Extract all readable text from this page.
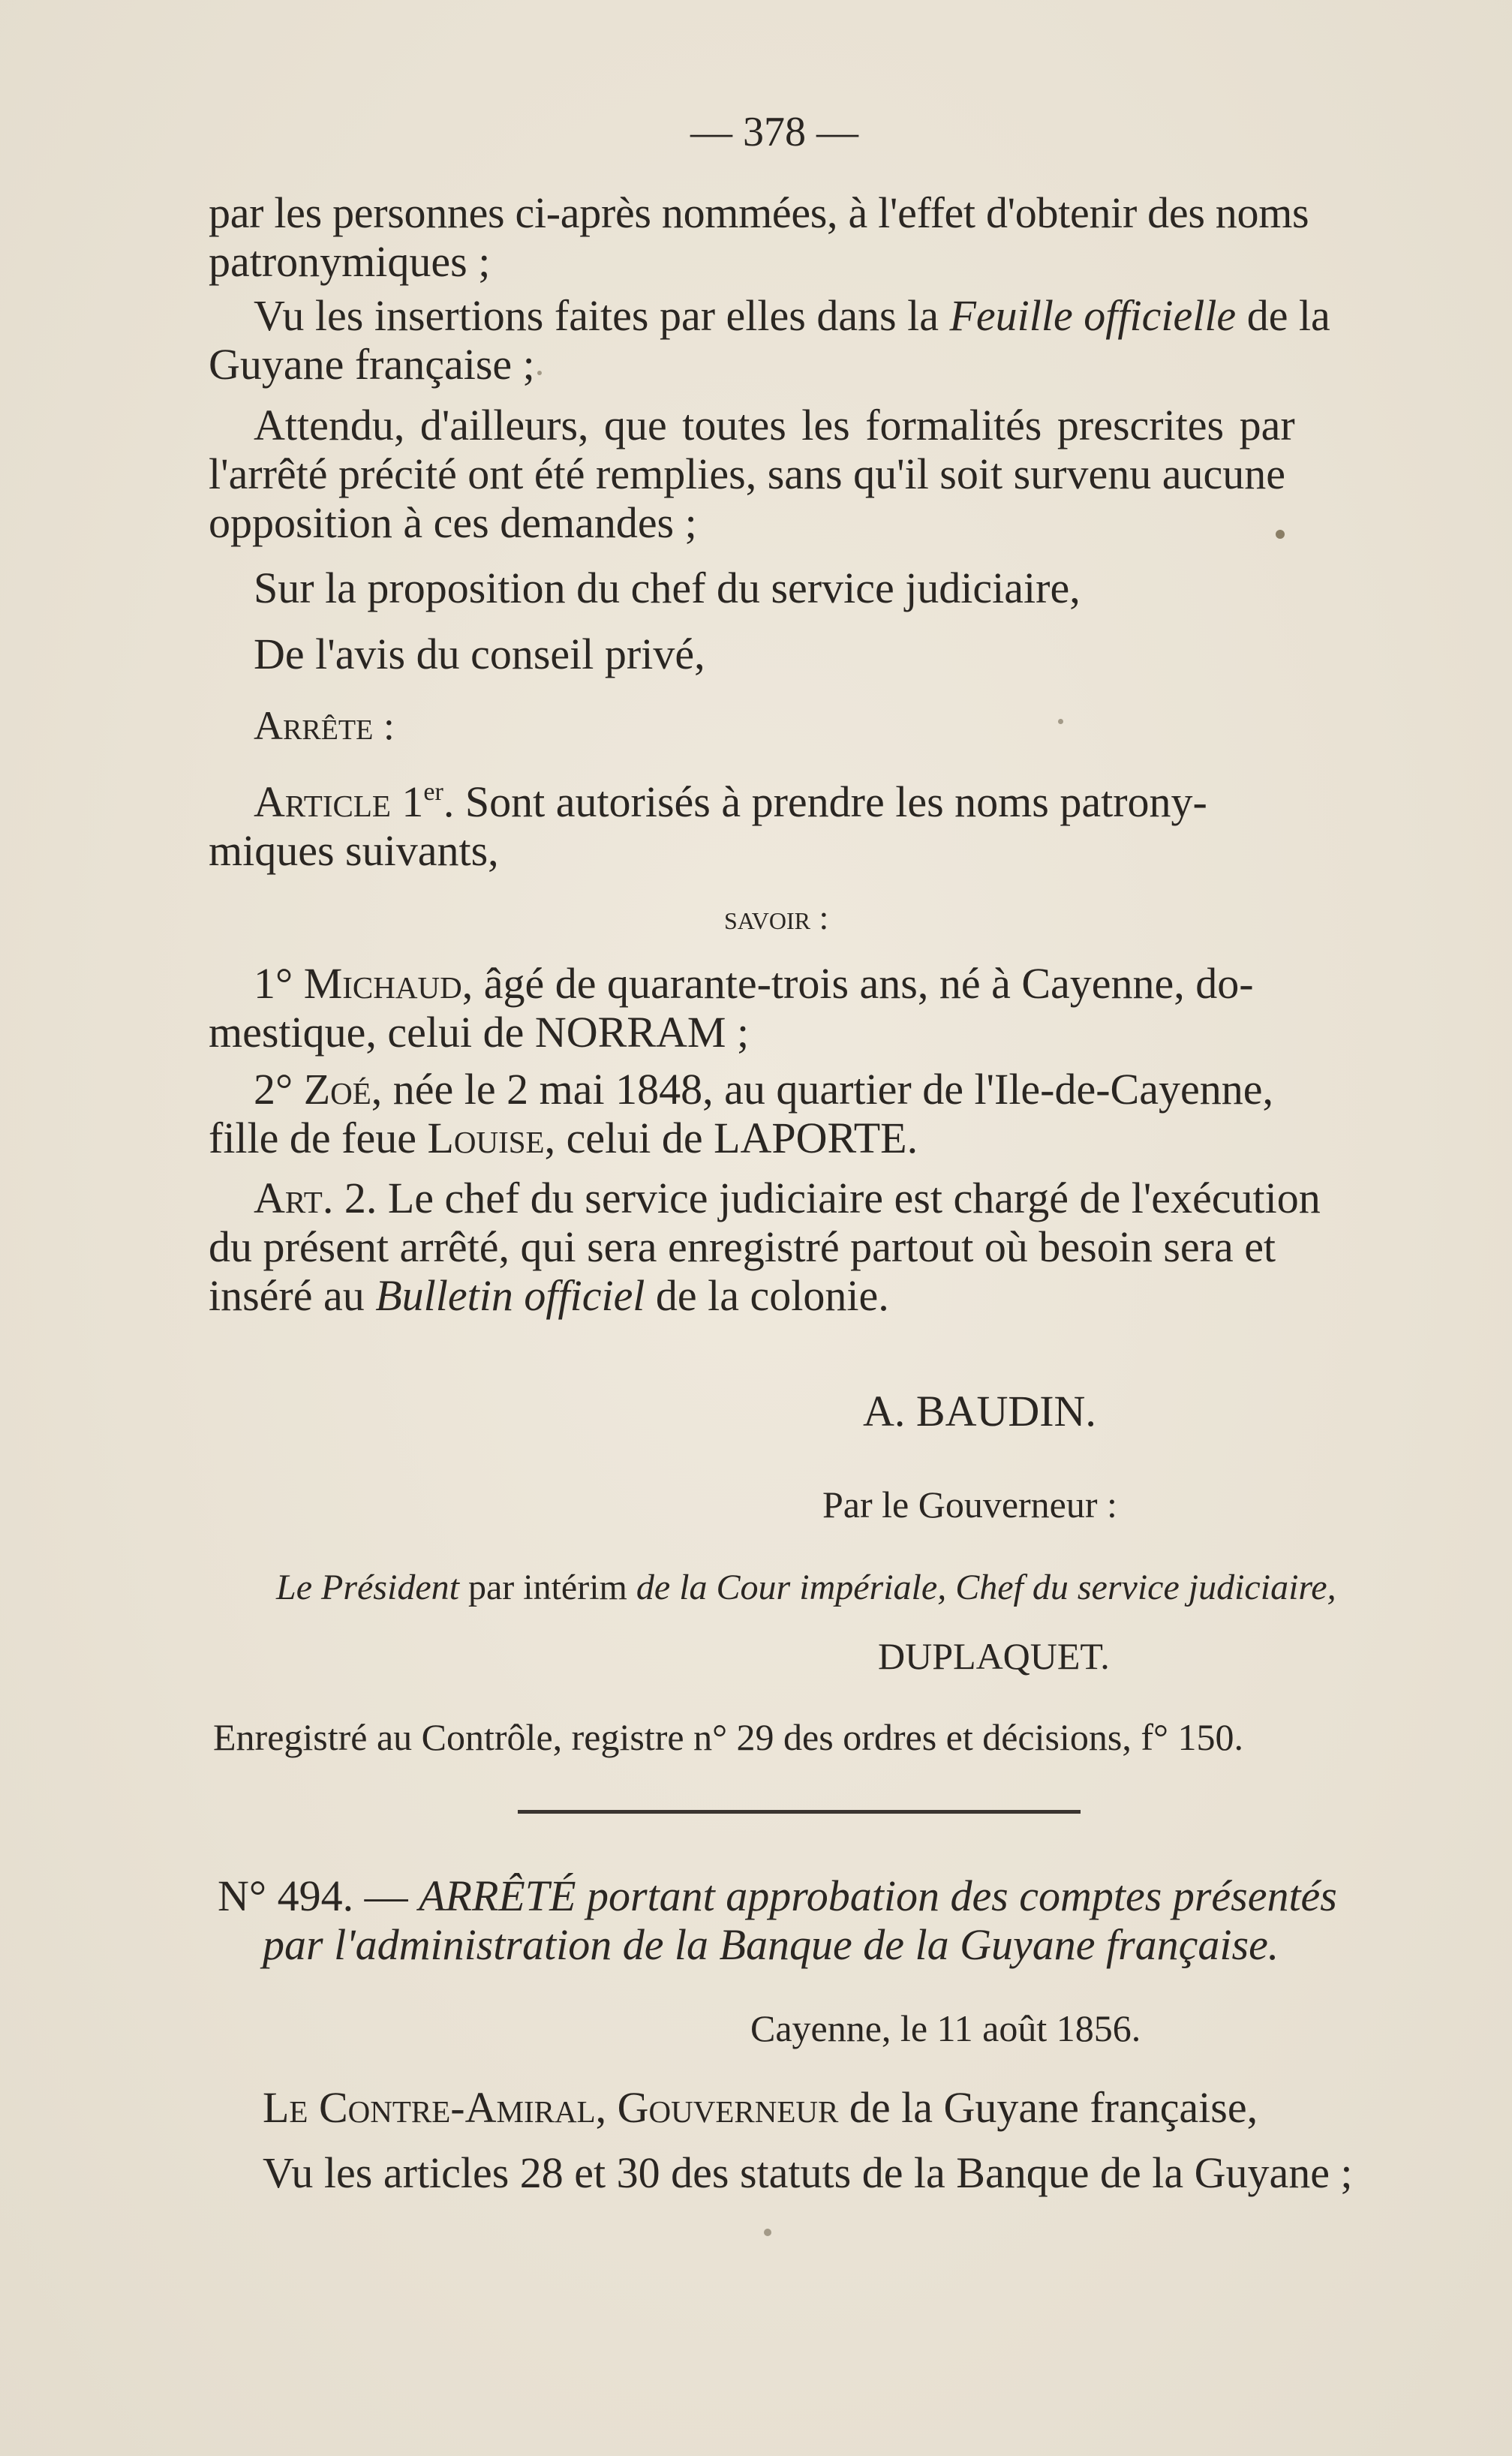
— 378 —
par les personnes ci-après nommées, à l'effet d'obtenir des noms
patronymiques ;
Vu les insertions faites par elles dans la Feuille officielle de la
Guyane française ;
Attendu, d'ailleurs, que toutes les formalités prescrites par
l'arrêté précité ont été remplies, sans qu'il soit survenu aucune
opposition à ces demandes ;
Sur la proposition du chef du service judiciaire,
De l'avis du conseil privé,
Arrête :
Article 1er. Sont autorisés à prendre les noms patrony-
miques suivants,
savoir :
1° Michaud, âgé de quarante-trois ans, né à Cayenne, do-
mestique, celui de NORRAM ;
2° Zoé, née le 2 mai 1848, au quartier de l'Ile-de-Cayenne,
fille de feue Louise, celui de LAPORTE.
Art. 2. Le chef du service judiciaire est chargé de l'exécution
du présent arrêté, qui sera enregistré partout où besoin sera et
inséré au Bulletin officiel de la colonie.
A. BAUDIN.
Par le Gouverneur :
Le Président par intérim de la Cour impériale, Chef du service judiciaire,
DUPLAQUET.
Enregistré au Contrôle, registre n° 29 des ordres et décisions, f° 150.
N° 494. — ARRÊTÉ portant approbation des comptes présentés
par l'administration de la Banque de la Guyane française.
Cayenne, le 11 août 1856.
Le Contre-Amiral, Gouverneur de la Guyane française,
Vu les articles 28 et 30 des statuts de la Banque de la Guyane ;
